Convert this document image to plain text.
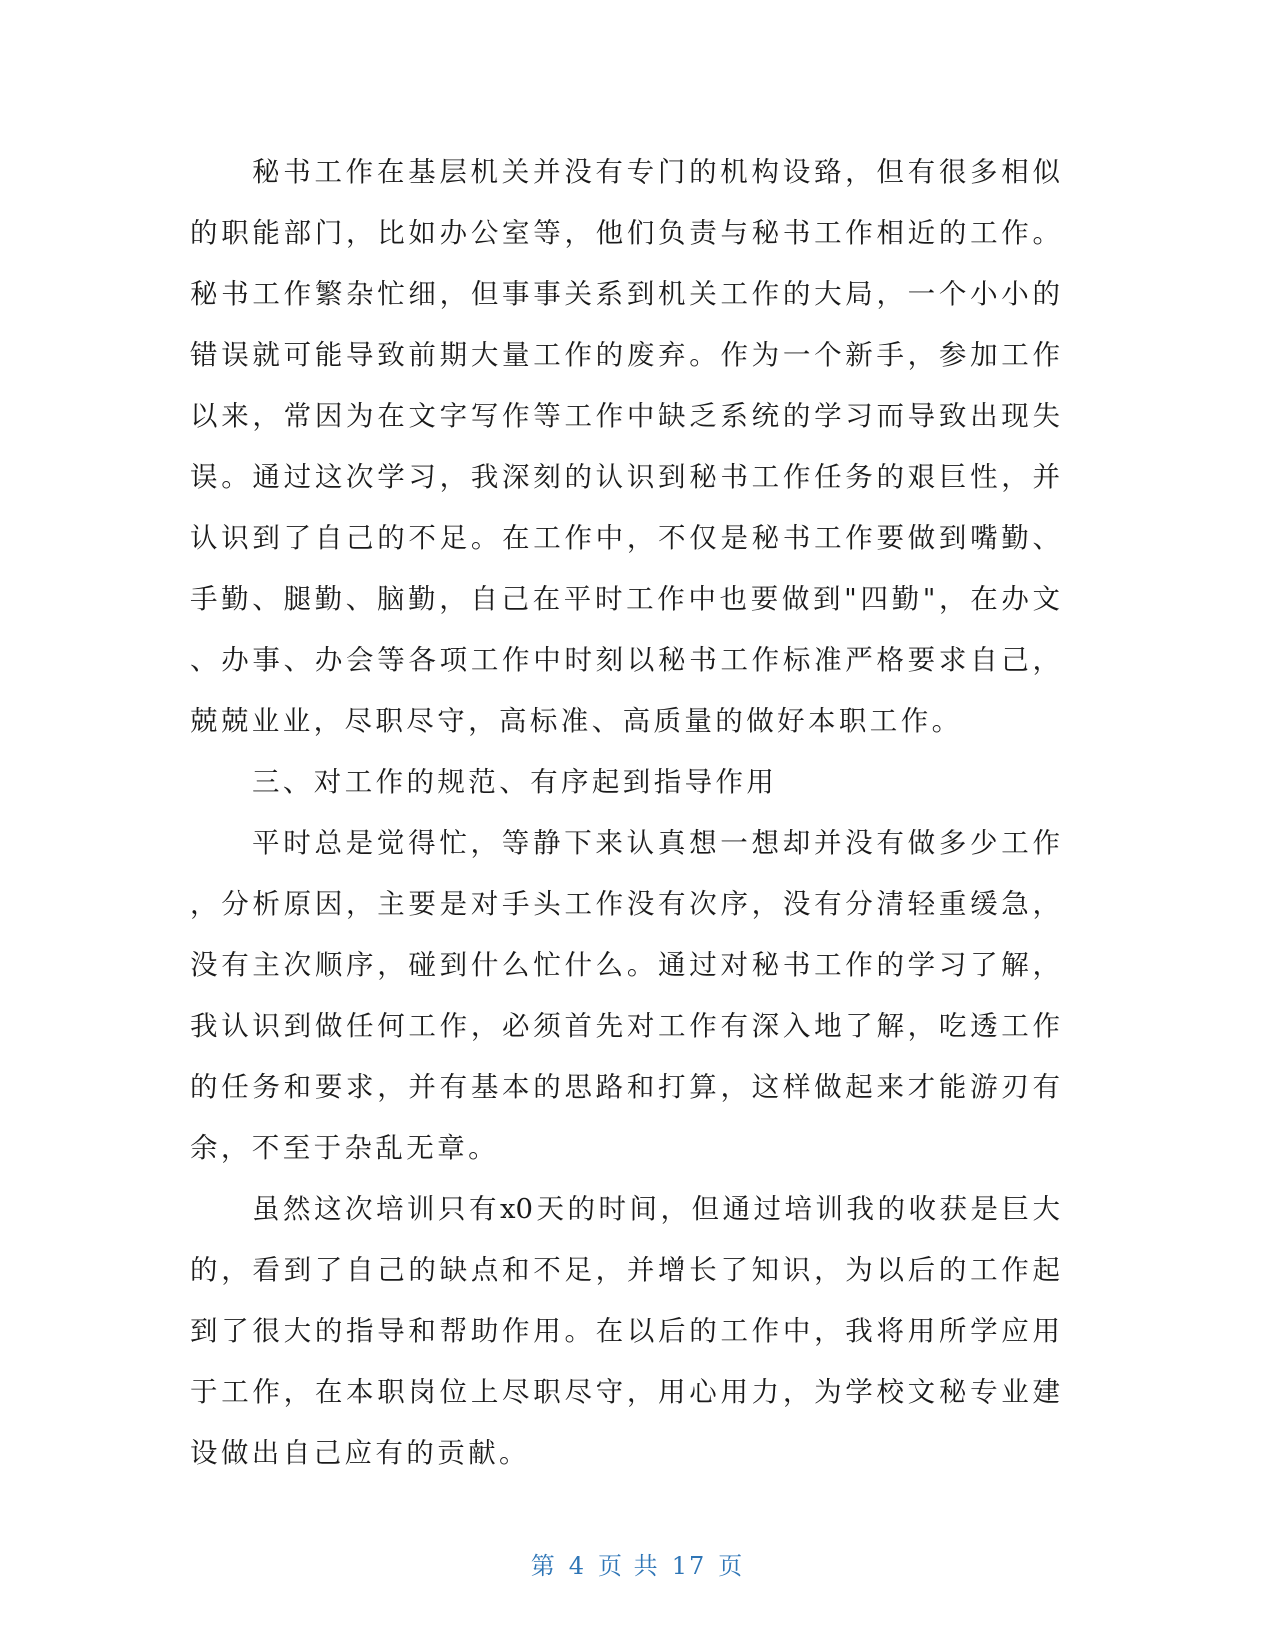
秘书工作在基层机关并没有专门的机构设臵，但有很多相似
的职能部门，比如办公室等，他们负责与秘书工作相近的工作。
秘书工作繁杂忙细，但事事关系到机关工作的大局，一个小小的
错误就可能导致前期大量工作的废弃。作为一个新手，参加工作
以来，常因为在文字写作等工作中缺乏系统的学习而导致出现失
误。通过这次学习，我深刻的认识到秘书工作任务的艰巨性，并
认识到了自己的不足。在工作中，不仅是秘书工作要做到嘴勤、
手勤、腿勤、脑勤，自己在平时工作中也要做到"四勤"，在办文
、办事、办会等各项工作中时刻以秘书工作标准严格要求自己，
兢兢业业，尽职尽守，高标准、高质量的做好本职工作。
三、对工作的规范、有序起到指导作用
平时总是觉得忙，等静下来认真想一想却并没有做多少工作
，分析原因，主要是对手头工作没有次序，没有分清轻重缓急，
没有主次顺序，碰到什么忙什么。通过对秘书工作的学习了解，
我认识到做任何工作，必须首先对工作有深入地了解，吃透工作
的任务和要求，并有基本的思路和打算，这样做起来才能游刃有
余，不至于杂乱无章。
虽然这次培训只有x0天的时间，但通过培训我的收获是巨大
的，看到了自己的缺点和不足，并增长了知识，为以后的工作起
到了很大的指导和帮助作用。在以后的工作中，我将用所学应用
于工作，在本职岗位上尽职尽守，用心用力，为学校文秘专业建
设做出自己应有的贡献。
第 4 页 共 17 页
